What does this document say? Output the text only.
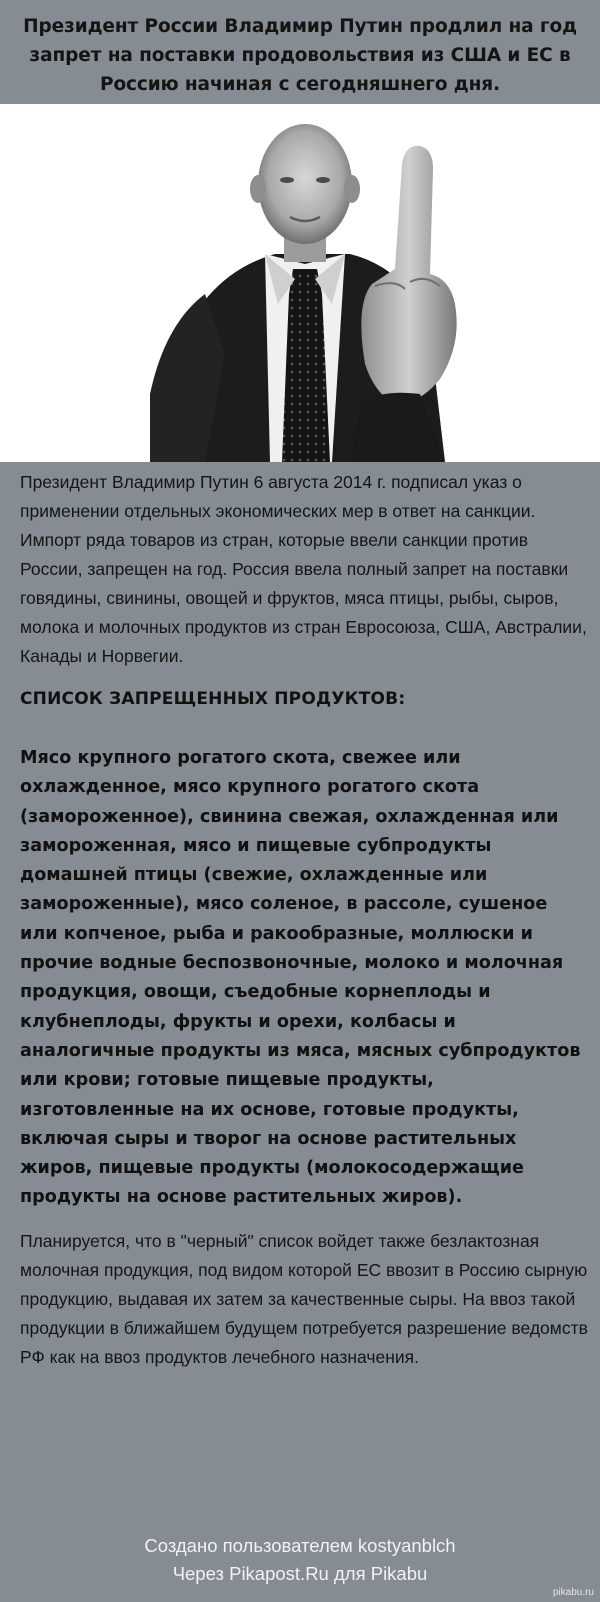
Президент России Владимир Путин продлил на год запрет на поставки продовольствия из США и ЕС в Россию начиная с сегодняшнего дня.

Президент Владимир Путин 6 августа 2014 г. подписал указ о применении отдельных экономических мер в ответ на санкции. Импорт ряда товаров из стран, которые ввели санкции против России, запрещен на год. Россия ввела полный запрет на поставки говядины, свинины, овощей и фруктов, мяса птицы, рыбы, сыров, молока и молочных продуктов из стран Евросоюза, США, Австралии, Канады и Норвегии.

СПИСОК ЗАПРЕЩЕННЫХ ПРОДУКТОВ:

Мясо крупного рогатого скота, свежее или охлажденное, мясо крупного рогатого скота (замороженное), свинина свежая, охлажденная или замороженная, мясо и пищевые субпродукты домашней птицы (свежие, охлажденные или замороженные), мясо соленое, в рассоле, сушеное или копченое, рыба и ракообразные, моллюски и прочие водные беспозвоночные, молоко и молочная продукция, овощи, съедобные корнеплоды и клубнеплоды, фрукты и орехи, колбасы и аналогичные продукты из мяса, мясных субпродуктов или крови; готовые пищевые продукты, изготовленные на их основе, готовые продукты, включая сыры и творог на основе растительных жиров, пищевые продукты (молокосодержащие продукты на основе растительных жиров).

Планируется, что в "черный" список войдет также безлактозная молочная продукция, под видом которой ЕС ввозит в Россию сырную продукцию, выдавая их затем за качественные сыры. На ввоз такой продукции в ближайшем будущем потребуется разрешение ведомств РФ как на ввоз продуктов лечебного назначения.

Создано пользователем kostyanblch
Через Pikapost.Ru для Pikabu
pikabu.ru
